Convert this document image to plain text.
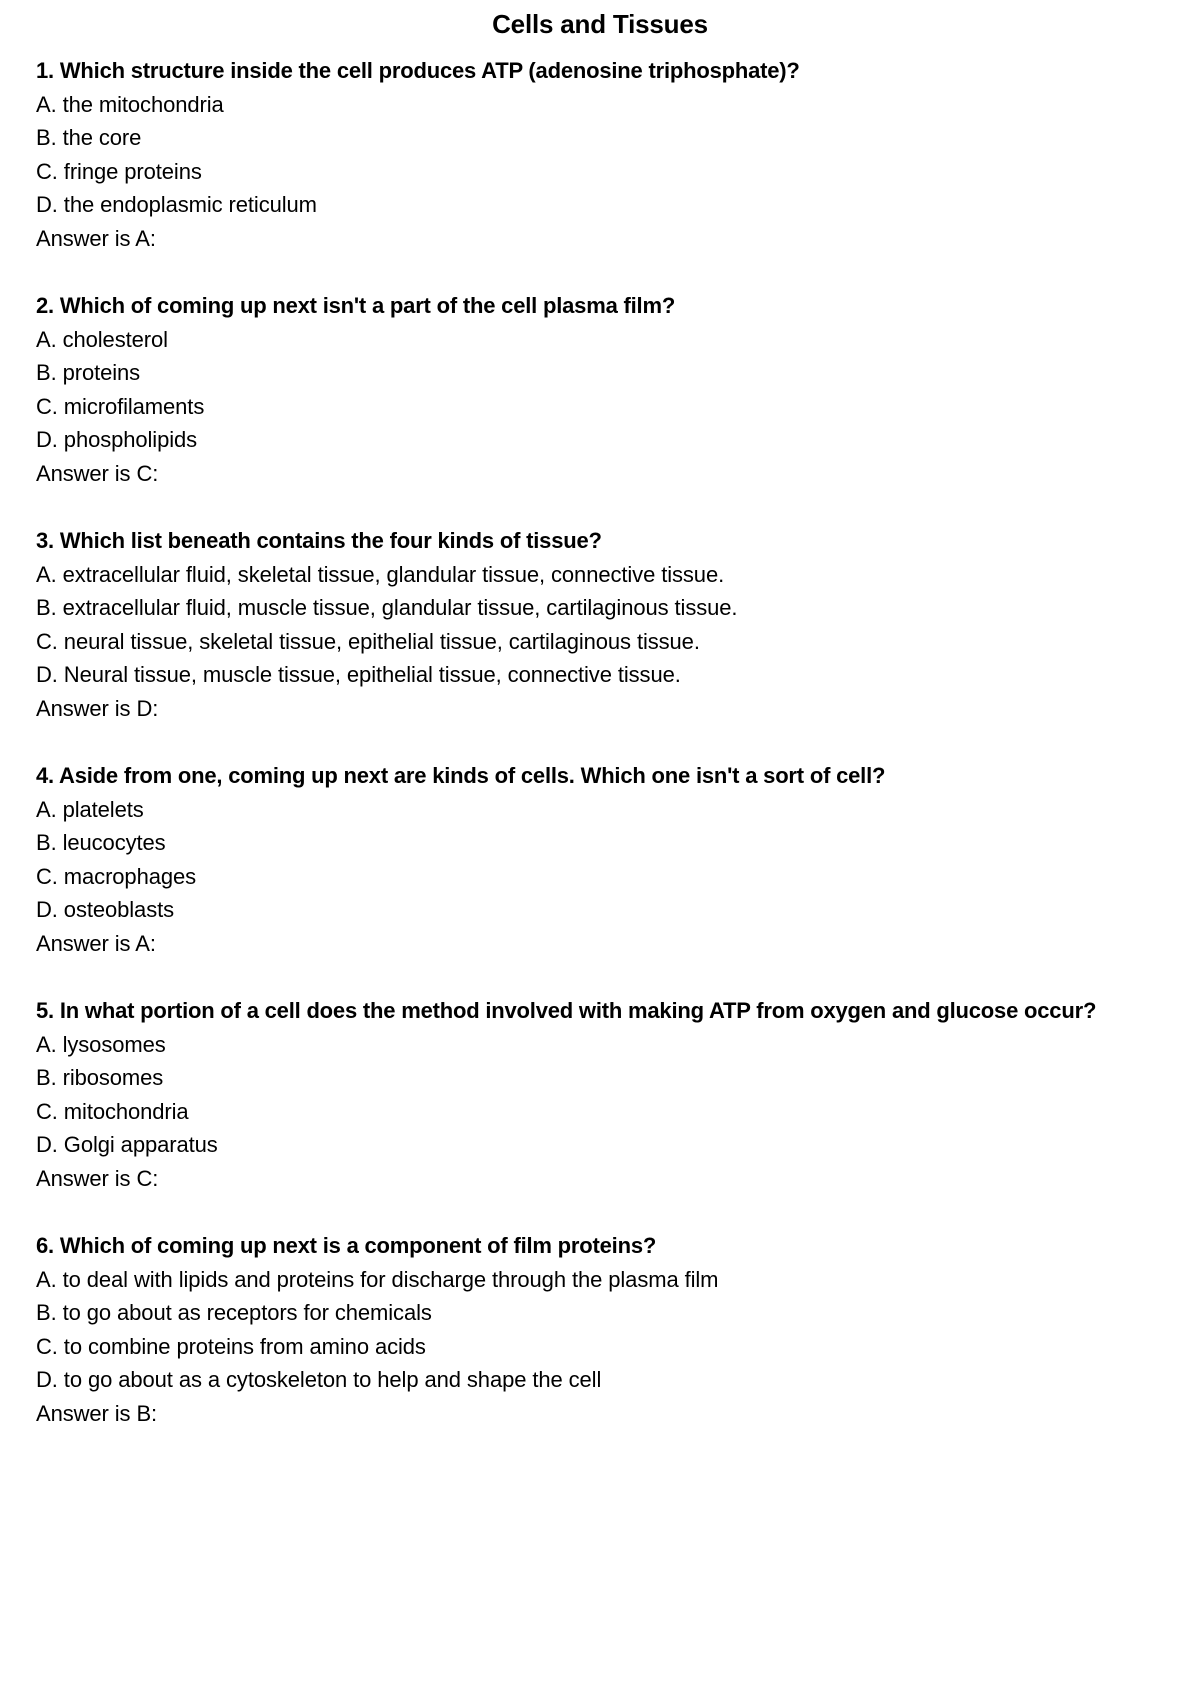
Cells and Tissues
1. Which structure inside the cell produces ATP (adenosine triphosphate)?
A. the mitochondria
B. the core
C. fringe proteins
D. the endoplasmic reticulum
Answer is A:
2. Which of coming up next isn't a part of the cell plasma film?
A. cholesterol
B. proteins
C. microfilaments
D. phospholipids
Answer is C:
3. Which list beneath contains the four kinds of tissue?
A. extracellular fluid, skeletal tissue, glandular tissue, connective tissue.
B. extracellular fluid, muscle tissue, glandular tissue, cartilaginous tissue.
C. neural tissue, skeletal tissue, epithelial tissue, cartilaginous tissue.
D. Neural tissue, muscle tissue, epithelial tissue, connective tissue.
Answer is D:
4. Aside from one, coming up next are kinds of cells. Which one isn't a sort of cell?
A. platelets
B. leucocytes
C. macrophages
D. osteoblasts
Answer is A:
5. In what portion of a cell does the method involved with making ATP from oxygen and glucose occur?
A. lysosomes
B. ribosomes
C. mitochondria
D. Golgi apparatus
Answer is C:
6. Which of coming up next is a component of film proteins?
A. to deal with lipids and proteins for discharge through the plasma film
B. to go about as receptors for chemicals
C. to combine proteins from amino acids
D. to go about as a cytoskeleton to help and shape the cell
Answer is B:
